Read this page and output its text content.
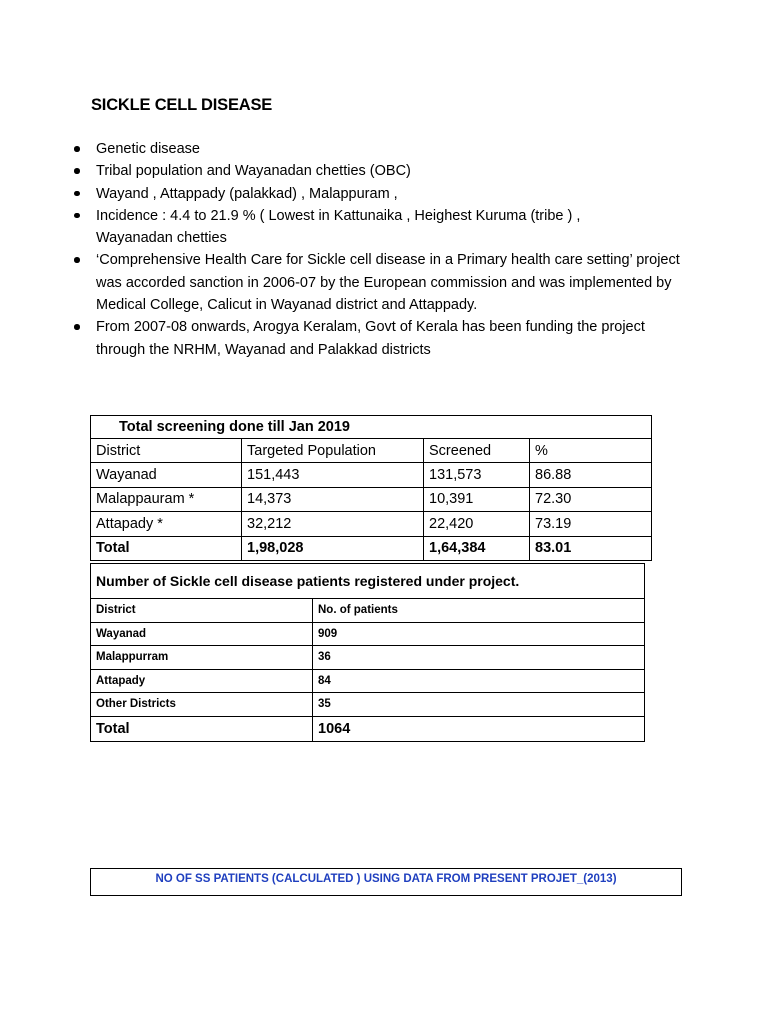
SICKLE CELL DISEASE
Genetic disease
Tribal population and Wayanadan chetties (OBC)
Wayand , Attappady (palakkad) , Malappuram ,
Incidence : 4.4 to 21.9 % ( Lowest in Kattunaika , Heighest Kuruma (tribe ) , Wayanadan chetties
‘Comprehensive Health Care for Sickle cell disease in a Primary health care setting’ project was accorded sanction in 2006-07 by the European commission and was implemented by Medical College, Calicut in Wayanad district and Attappady.
From 2007-08 onwards, Arogya Keralam, Govt of Kerala has been funding the project through the NRHM, Wayanad and Palakkad districts
Total screening done till Jan 2019			
District	Targeted Population	Screened	%
Wayanad	151,443	131,573	86.88
Malappauram *	14,373	10,391	72.30
Attapady *	32,212	22,420	73.19
Total	1,98,028	1,64,384	83.01
Number of Sickle cell disease patients registered under project.	
District	No. of patients
Wayanad	909
Malappurram	36
Attapady	84
Other Districts	35
Total	1064
NO OF SS PATIENTS (CALCULATED ) USING DATA FROM PRESENT PROJET_(2013)
